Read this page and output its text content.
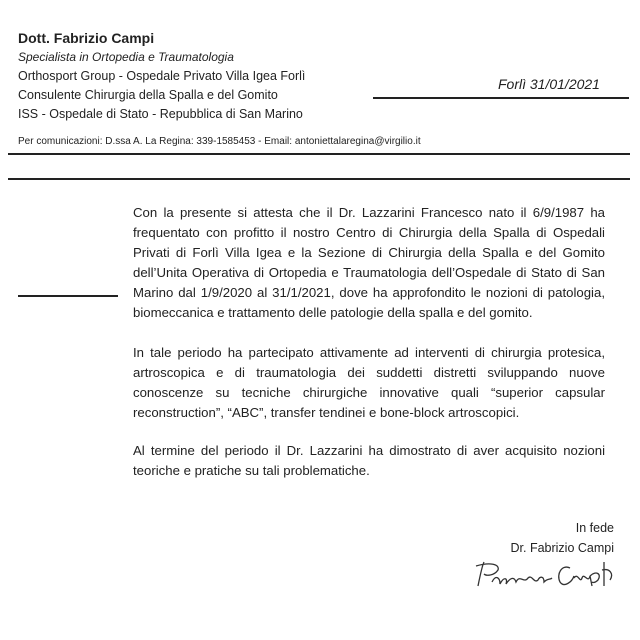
Dott. Fabrizio Campi
Specialista in Ortopedia e Traumatologia
Orthosport Group - Ospedale Privato Villa Igea Forlì
Consulente Chirurgia della Spalla e del Gomito
ISS - Ospedale di Stato - Repubblica di San Marino
Forlì 31/01/2021
Per comunicazioni: D.ssa A. La Regina: 339-1585453 - Email: antoniettalaregina@virgilio.it
Con la presente si attesta che il Dr. Lazzarini Francesco nato il 6/9/1987 ha
frequentato con profitto il nostro Centro di Chirurgia della Spalla di Ospedali
Privati di Forlì Villa Igea e la Sezione di Chirurgia della Spalla e del Gomito
dell’Unita Operativa di Ortopedia e Traumatologia dell’Ospedale di Stato di San
Marino dal 1/9/2020 al 31/1/2021, dove ha approfondito le nozioni di patologia,
biomeccanica e trattamento delle patologie della spalla e del gomito.
In tale periodo ha partecipato attivamente ad interventi di chirurgia protesica,
artroscopica e di traumatologia dei suddetti distretti sviluppando nuove
conoscenze su tecniche chirurgiche innovative quali “superior capsular
reconstruction”, “ABC”, transfer tendinei e bone-block artroscopici.
Al termine del periodo il Dr. Lazzarini ha dimostrato di aver acquisito nozioni
teoriche e pratiche su tali problematiche.
In fede
Dr. Fabrizio Campi
